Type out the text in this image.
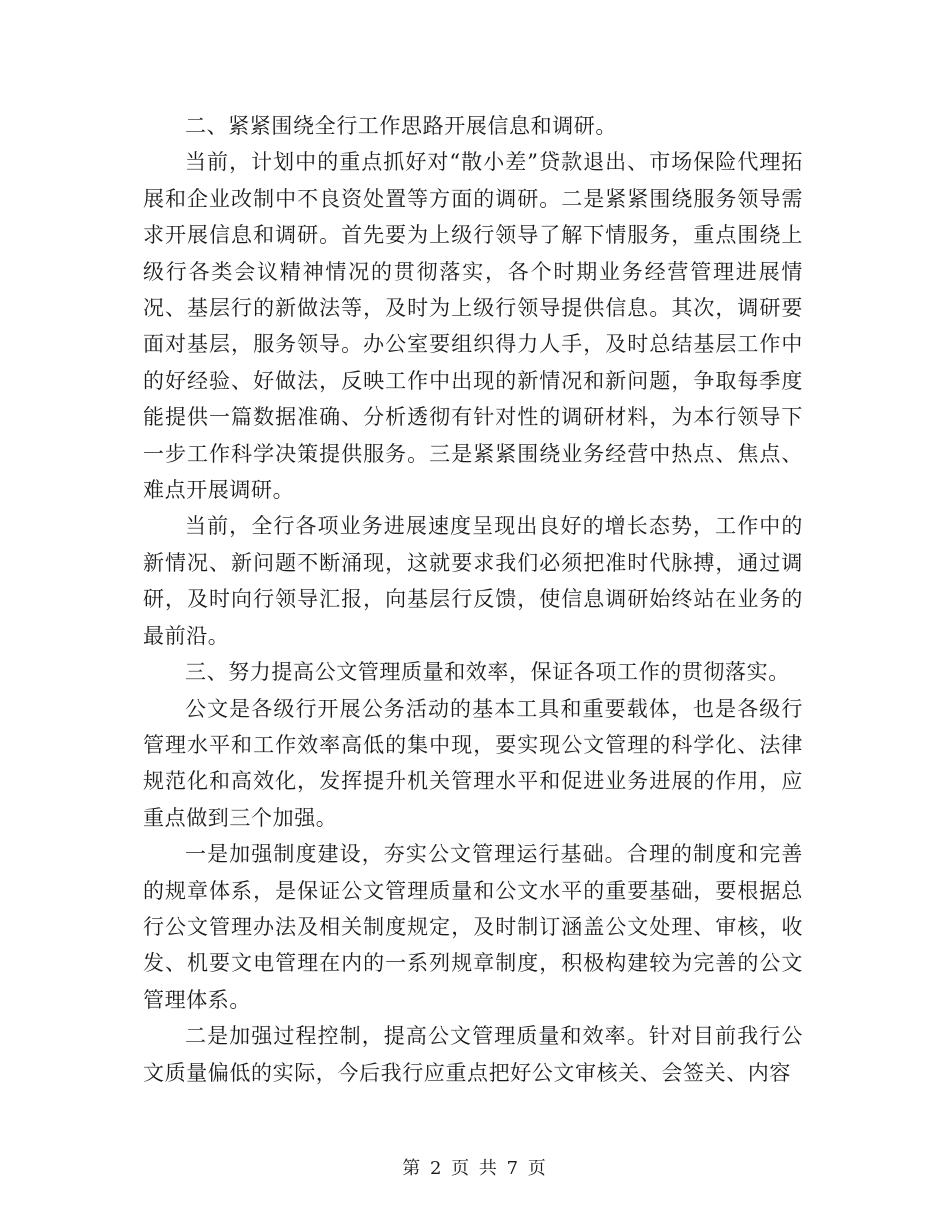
二、紧紧围绕全行工作思路开展信息和调研。

当前，计划中的重点抓好对“散小差”贷款退出、市场保险代理拓展和企业改制中不良资处置等方面的调研。二是紧紧围绕服务领导需求开展信息和调研。首先要为上级行领导了解下情服务，重点围绕上级行各类会议精神情况的贯彻落实，各个时期业务经营管理进展情况、基层行的新做法等，及时为上级行领导提供信息。其次，调研要面对基层，服务领导。办公室要组织得力人手，及时总结基层工作中的好经验、好做法，反映工作中出现的新情况和新问题，争取每季度能提供一篇数据准确、分析透彻有针对性的调研材料，为本行领导下一步工作科学决策提供服务。三是紧紧围绕业务经营中热点、焦点、难点开展调研。

当前，全行各项业务进展速度呈现出良好的增长态势，工作中的新情况、新问题不断涌现，这就要求我们必须把准时代脉搏，通过调研，及时向行领导汇报，向基层行反馈，使信息调研始终站在业务的最前沿。

三、努力提高公文管理质量和效率，保证各项工作的贯彻落实。

公文是各级行开展公务活动的基本工具和重要载体，也是各级行管理水平和工作效率高低的集中现，要实现公文管理的科学化、法律规范化和高效化，发挥提升机关管理水平和促进业务进展的作用，应重点做到三个加强。

一是加强制度建设，夯实公文管理运行基础。合理的制度和完善的规章体系，是保证公文管理质量和公文水平的重要基础，要根据总行公文管理办法及相关制度规定，及时制订涵盖公文处理、审核，收发、机要文电管理在内的一系列规章制度，积极构建较为完善的公文管理体系。

二是加强过程控制，提高公文管理质量和效率。针对目前我行公文质量偏低的实际，今后我行应重点把好公文审核关、会签关、内容

第 2 页 共 7 页
